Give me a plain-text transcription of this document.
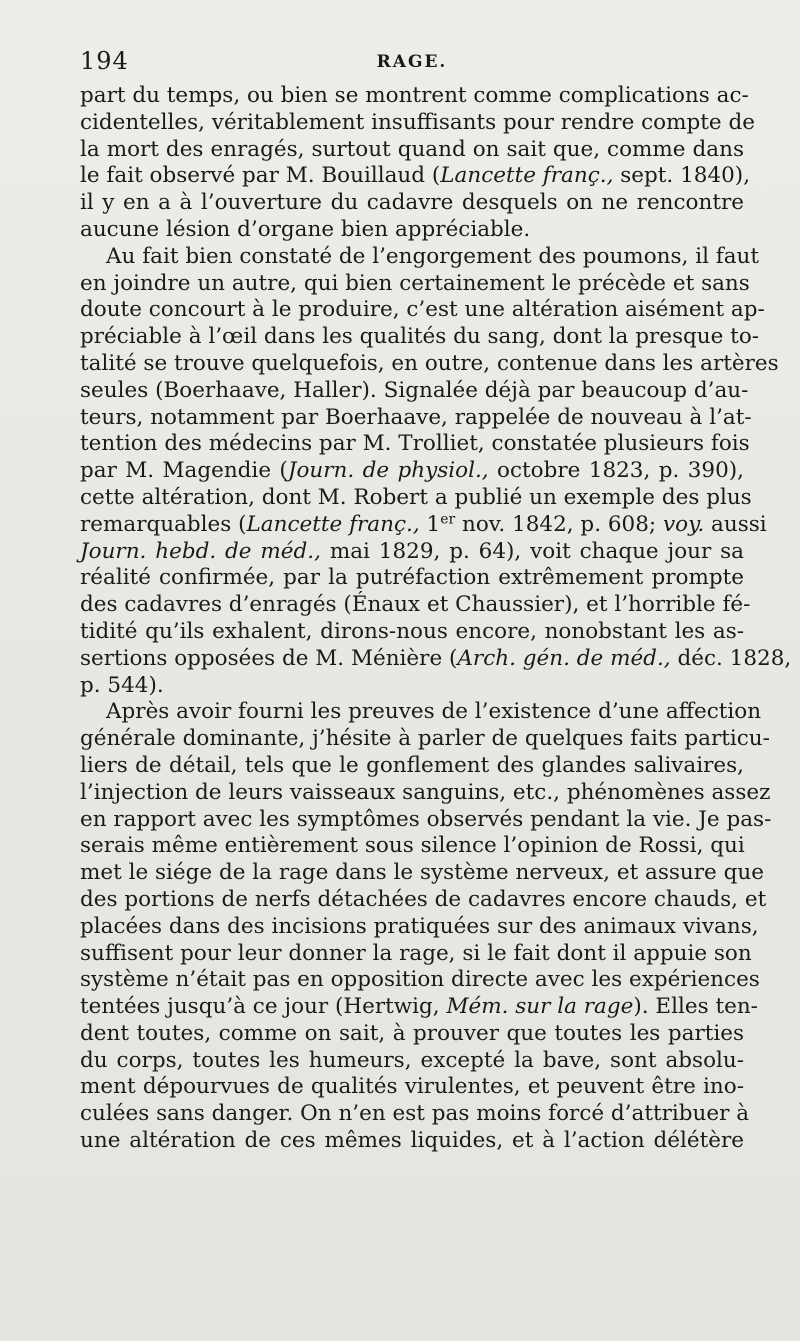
194	RAGE.
part du temps, ou bien se montrent comme complications ac-
cidentelles, véritablement insuffisants pour rendre compte de
la mort des enragés, surtout quand on sait que, comme dans
le fait observé par M. Bouillaud (Lancette franç., sept. 1840),
il y en a à l’ouverture du cadavre desquels on ne rencontre
aucune lésion d’organe bien appréciable.
Au fait bien constaté de l’engorgement des poumons, il faut
en joindre un autre, qui bien certainement le précède et sans
doute concourt à le produire, c’est une altération aisément ap-
préciable à l’œil dans les qualités du sang, dont la presque to-
talité se trouve quelquefois, en outre, contenue dans les artères
seules (Boerhaave, Haller). Signalée déjà par beaucoup d’au-
teurs, notamment par Boerhaave, rappelée de nouveau à l’at-
tention des médecins par M. Trolliet, constatée plusieurs fois
par M. Magendie (Journ. de physiol., octobre 1823, p. 390),
cette altération, dont M. Robert a publié un exemple des plus
remarquables (Lancette franç., 1er nov. 1842, p. 608; voy. aussi
Journ. hebd. de méd., mai 1829, p. 64), voit chaque jour sa
réalité confirmée, par la putréfaction extrêmement prompte
des cadavres d’enragés (Énaux et Chaussier), et l’horrible fé-
tidité qu’ils exhalent, dirons-nous encore, nonobstant les as-
sertions opposées de M. Ménière (Arch. gén. de méd., déc. 1828,
p. 544).
Après avoir fourni les preuves de l’existence d’une affection
générale dominante, j’hésite à parler de quelques faits particu-
liers de détail, tels que le gonflement des glandes salivaires,
l’injection de leurs vaisseaux sanguins, etc., phénomènes assez
en rapport avec les symptômes observés pendant la vie. Je pas-
serais même entièrement sous silence l’opinion de Rossi, qui
met le siége de la rage dans le système nerveux, et assure que
des portions de nerfs détachées de cadavres encore chauds, et
placées dans des incisions pratiquées sur des animaux vivans,
suffisent pour leur donner la rage, si le fait dont il appuie son
système n’était pas en opposition directe avec les expériences
tentées jusqu’à ce jour (Hertwig, Mém. sur la rage). Elles ten-
dent toutes, comme on sait, à prouver que toutes les parties
du corps, toutes les humeurs, excepté la bave, sont absolu-
ment dépourvues de qualités virulentes, et peuvent être ino-
culées sans danger. On n’en est pas moins forcé d’attribuer à
une altération de ces mêmes liquides, et à l’action délétère
